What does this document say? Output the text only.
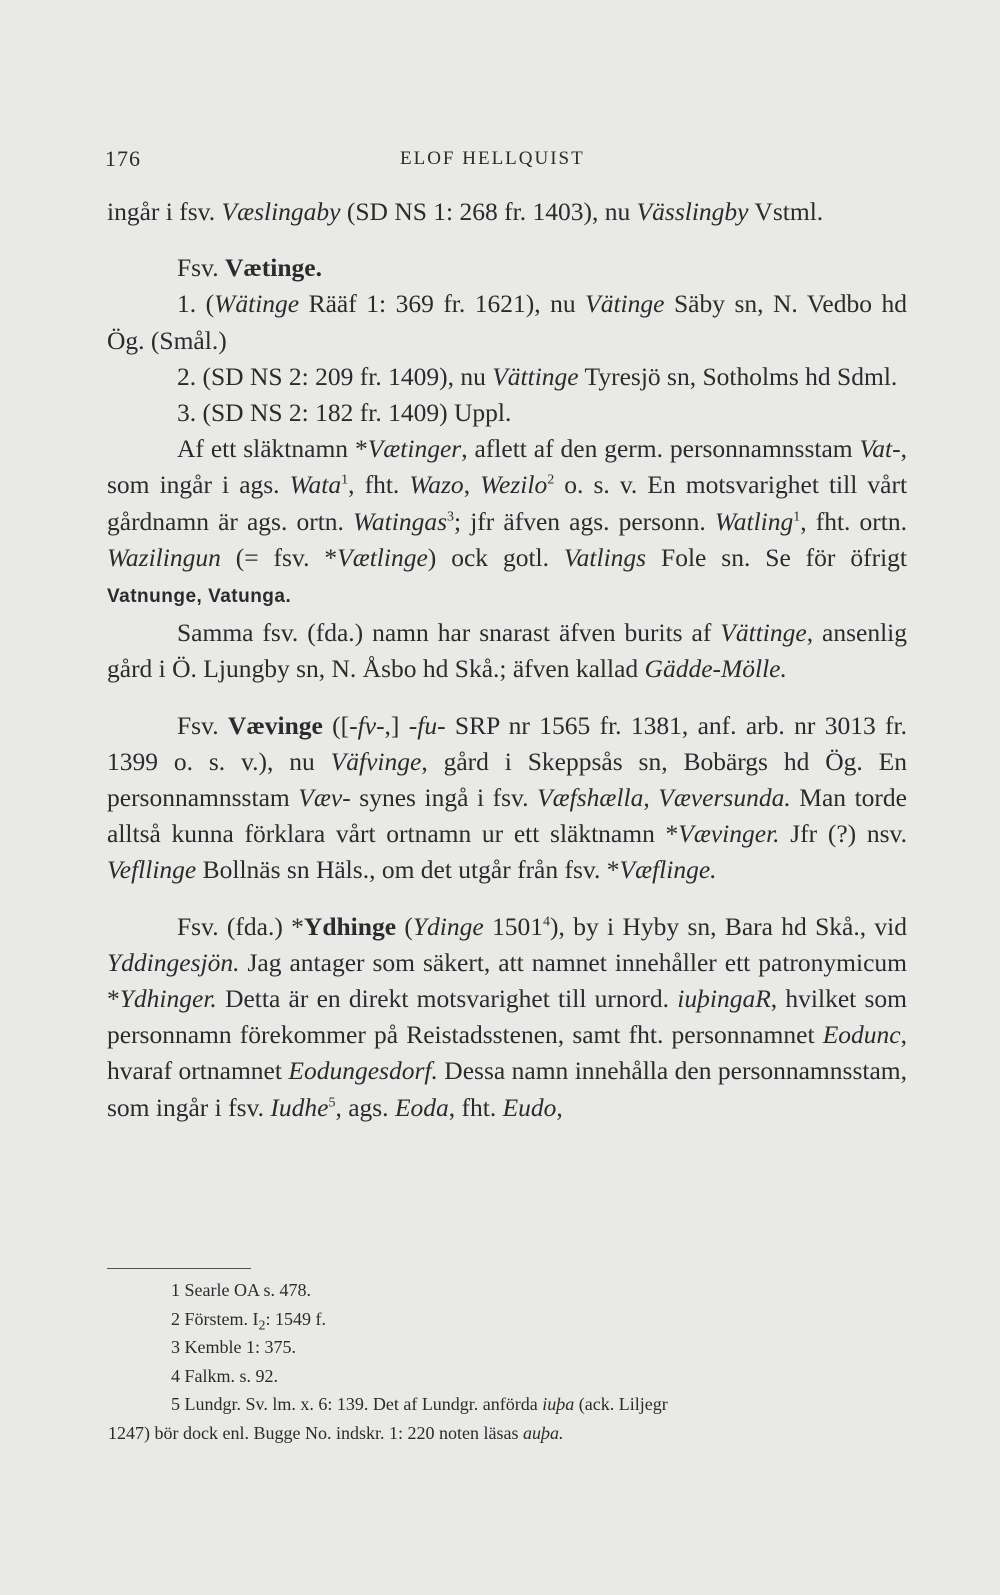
176	ELOF HELLQUIST

ingår i fsv. Væslingaby (SD NS 1: 268 fr. 1403), nu Vässlingby Vstml.

Fsv. Vætinge.

1. (Wätinge Rääf 1: 369 fr. 1621), nu Vätinge Säby sn, N. Vedbo hd Ög. (Smål.)

2. (SD NS 2: 209 fr. 1409), nu Vättinge Tyresjö sn, Sotholms hd Sdml.

3. (SD NS 2: 182 fr. 1409) Uppl.

Af ett släktnamn *Vætinger, aflett af den germ. personnamnsstam Vat-, som ingår i ags. Wata$^1$, fht. Wazo, Wezilo$^2$ o. s. v. En motsvarighet till vårt gårdnamn är ags. ortn. Watingas$^3$; jfr äfven ags. personn. Watling$^1$, fht. ortn. Wazilingun (= fsv. *Vætlinge) ock gotl. Vatlings Fole sn. Se för öfrigt Vatnunge, Vatunga.

Samma fsv. (fda.) namn har snarast äfven burits af Vättinge, ansenlig gård i Ö. Ljungby sn, N. Åsbo hd Skå.; äfven kallad Gädde-Mölle.

Fsv. Vævinge ([-fv-,] -fu- SRP nr 1565 fr. 1381, anf. arb. nr 3013 fr. 1399 o. s. v.), nu Väfvinge, gård i Skeppsås sn, Bobärgs hd Ög. En personnamnsstam Væv- synes ingå i fsv. Væfshælla, Væversunda. Man torde alltså kunna förklara vårt ortnamn ur ett släktnamn *Vævinger. Jfr (?) nsv. Vefllinge Bollnäs sn Häls., om det utgår från fsv. *Væflinge.

Fsv. (fda.) *Ydhinge (Ydinge 1501$^4$), by i Hyby sn, Bara hd Skå., vid Yddingesjön. Jag antager som säkert, att namnet innehåller ett patronymicum *Ydhinger. Detta är en direkt motsvarighet till urnord. iuþingaR, hvilket som personnamn förekommer på Reistadsstenen, samt fht. personnamnet Eodunc, hvaraf ortnamnet Eodungesdorf. Dessa namn innehålla den personnamnsstam, som ingår i fsv. Iudhe$^5$, ags. Eoda, fht. Eudo,

1 Searle OA s. 478.
2 Förstem. $I_2$: 1549 f.
3 Kemble 1: 375.
4 Falkm. s. 92.
5 Lundgr. Sv. lm. x. 6: 139. Det af Lundgr. anförda iuþa (ack. Liljegr
1247) bör dock enl. Bugge No. indskr. 1: 220 noten läsas auþa.
